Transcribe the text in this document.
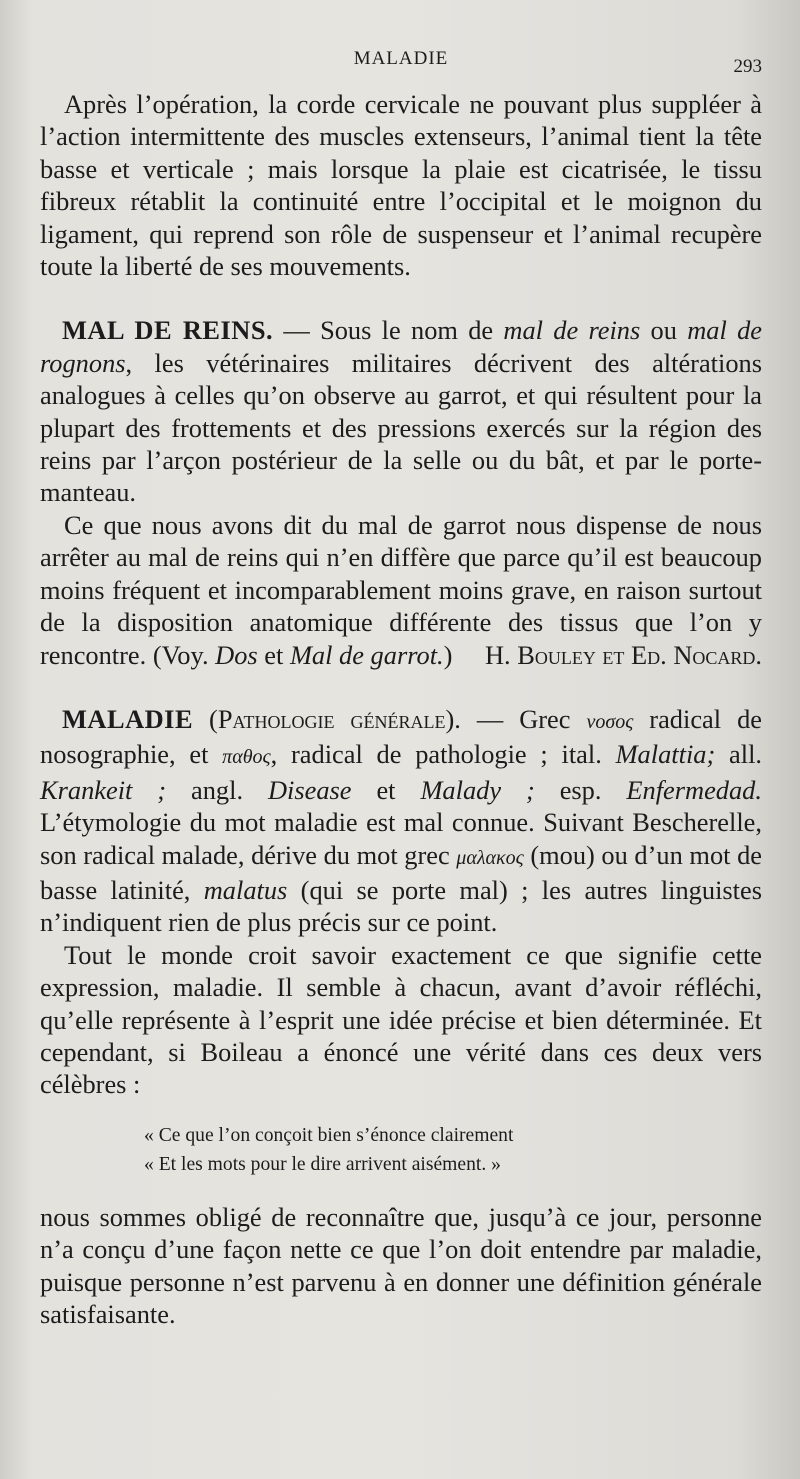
MALADIE	293

Après l’opération, la corde cervicale ne pouvant plus suppléer à l’action intermittente des muscles extenseurs, l’animal tient la tête basse et verticale ; mais lorsque la plaie est cicatrisée, le tissu fibreux rétablit la continuité entre l’occipital et le moignon du ligament, qui reprend son rôle de suspenseur et l’animal recupère toute la liberté de ses mouvements.

MAL DE REINS. — Sous le nom de mal de reins ou mal de rognons, les vétérinaires militaires décrivent des altérations analogues à celles qu’on observe au garrot, et qui résultent pour la plupart des frottements et des pressions exercés sur la région des reins par l’arçon postérieur de la selle ou du bât, et par le porte-manteau.

Ce que nous avons dit du mal de garrot nous dispense de nous arrêter au mal de reins qui n’en diffère que parce qu’il est beaucoup moins fréquent et incomparablement moins grave, en raison surtout de la disposition anatomique différente des tissus que l’on y rencontre. (Voy. Dos et Mal de garrot.)	H. Bouley et Ed. Nocard.

MALADIE (Pathologie générale). — Grec νοσος radical de nosographie, et παθος, radical de pathologie ; ital. Malattia; all. Krankeit ; angl. Disease et Malady ; esp. Enfermedad. L’étymologie du mot maladie est mal connue. Suivant Bescherelle, son radical malade, dérive du mot grec μαλακος (mou) ou d’un mot de basse latinité, malatus (qui se porte mal) ; les autres linguistes n’indiquent rien de plus précis sur ce point.

Tout le monde croit savoir exactement ce que signifie cette expression, maladie. Il semble à chacun, avant d’avoir réfléchi, qu’elle représente à l’esprit une idée précise et bien déterminée. Et cependant, si Boileau a énoncé une vérité dans ces deux vers célèbres :

« Ce que l’on conçoit bien s’énonce clairement
« Et les mots pour le dire arrivent aisément. »

nous sommes obligé de reconnaître que, jusqu’à ce jour, personne n’a conçu d’une façon nette ce que l’on doit entendre par maladie, puisque personne n’est parvenu à en donner une définition générale satisfaisante.
